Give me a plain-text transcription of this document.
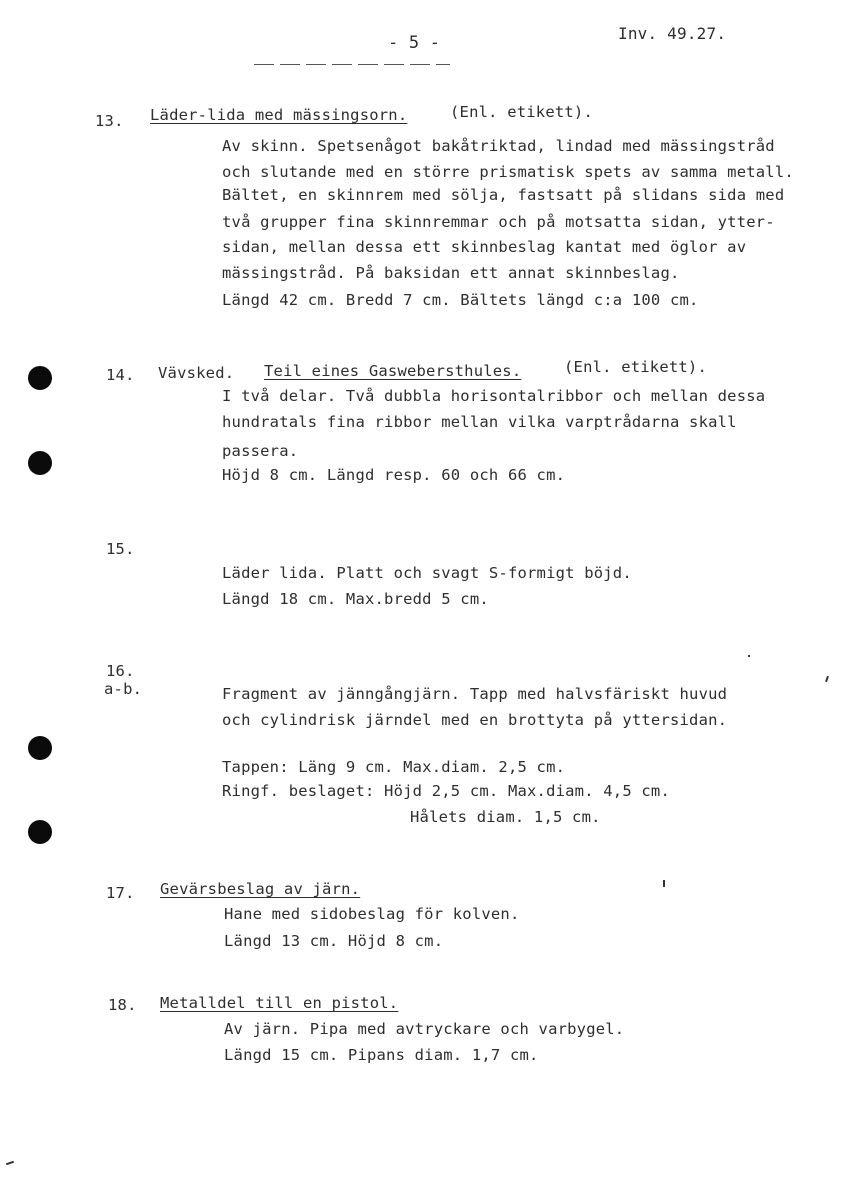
- 5 -	Inv. 49.27.
13. Läder-lida med mässingsorn.	(Enl. etikett).
Av skinn. Spetsenågot bakåtriktad, lindad med mässingstråd
och slutande med en större prismatisk spets av samma metall.
Bältet, en skinnrem med sölja, fastsatt på slidans sida med
två grupper fina skinnremmar och på motsatta sidan, ytter-
sidan, mellan dessa ett skinnbeslag kantat med öglor av
mässingstråd. På baksidan ett annat skinnbeslag.
Längd 42 cm. Bredd 7 cm. Bältets längd c:a 100 cm.
14. Vävsked. Teil eines Gaswebersthules.	(Enl. etikett).
I två delar. Två dubbla horisontalribbor och mellan dessa
hundratals fina ribbor mellan vilka varptrådarna skall
passera.
Höjd 8 cm. Längd resp. 60 och 66 cm.
15.
Läder lida. Platt och svagt S-formigt böjd.
Längd 18 cm. Max.bredd 5 cm.
16.
a-b.	Fragment av jänngångjärn. Tapp med halvsfäriskt huvud
och cylindrisk järndel med en brottyta på yttersidan.
Tappen: Läng 9 cm. Max.diam. 2,5 cm.
Ringf. beslaget: Höjd 2,5 cm. Max.diam. 4,5 cm.
Hålets diam. 1,5 cm.
17. Gevärsbeslag av järn.
Hane med sidobeslag för kolven.
Längd 13 cm. Höjd 8 cm.
18. Metalldel till en pistol.
Av järn. Pipa med avtryckare och varbygel.
Längd 15 cm. Pipans diam. 1,7 cm.
